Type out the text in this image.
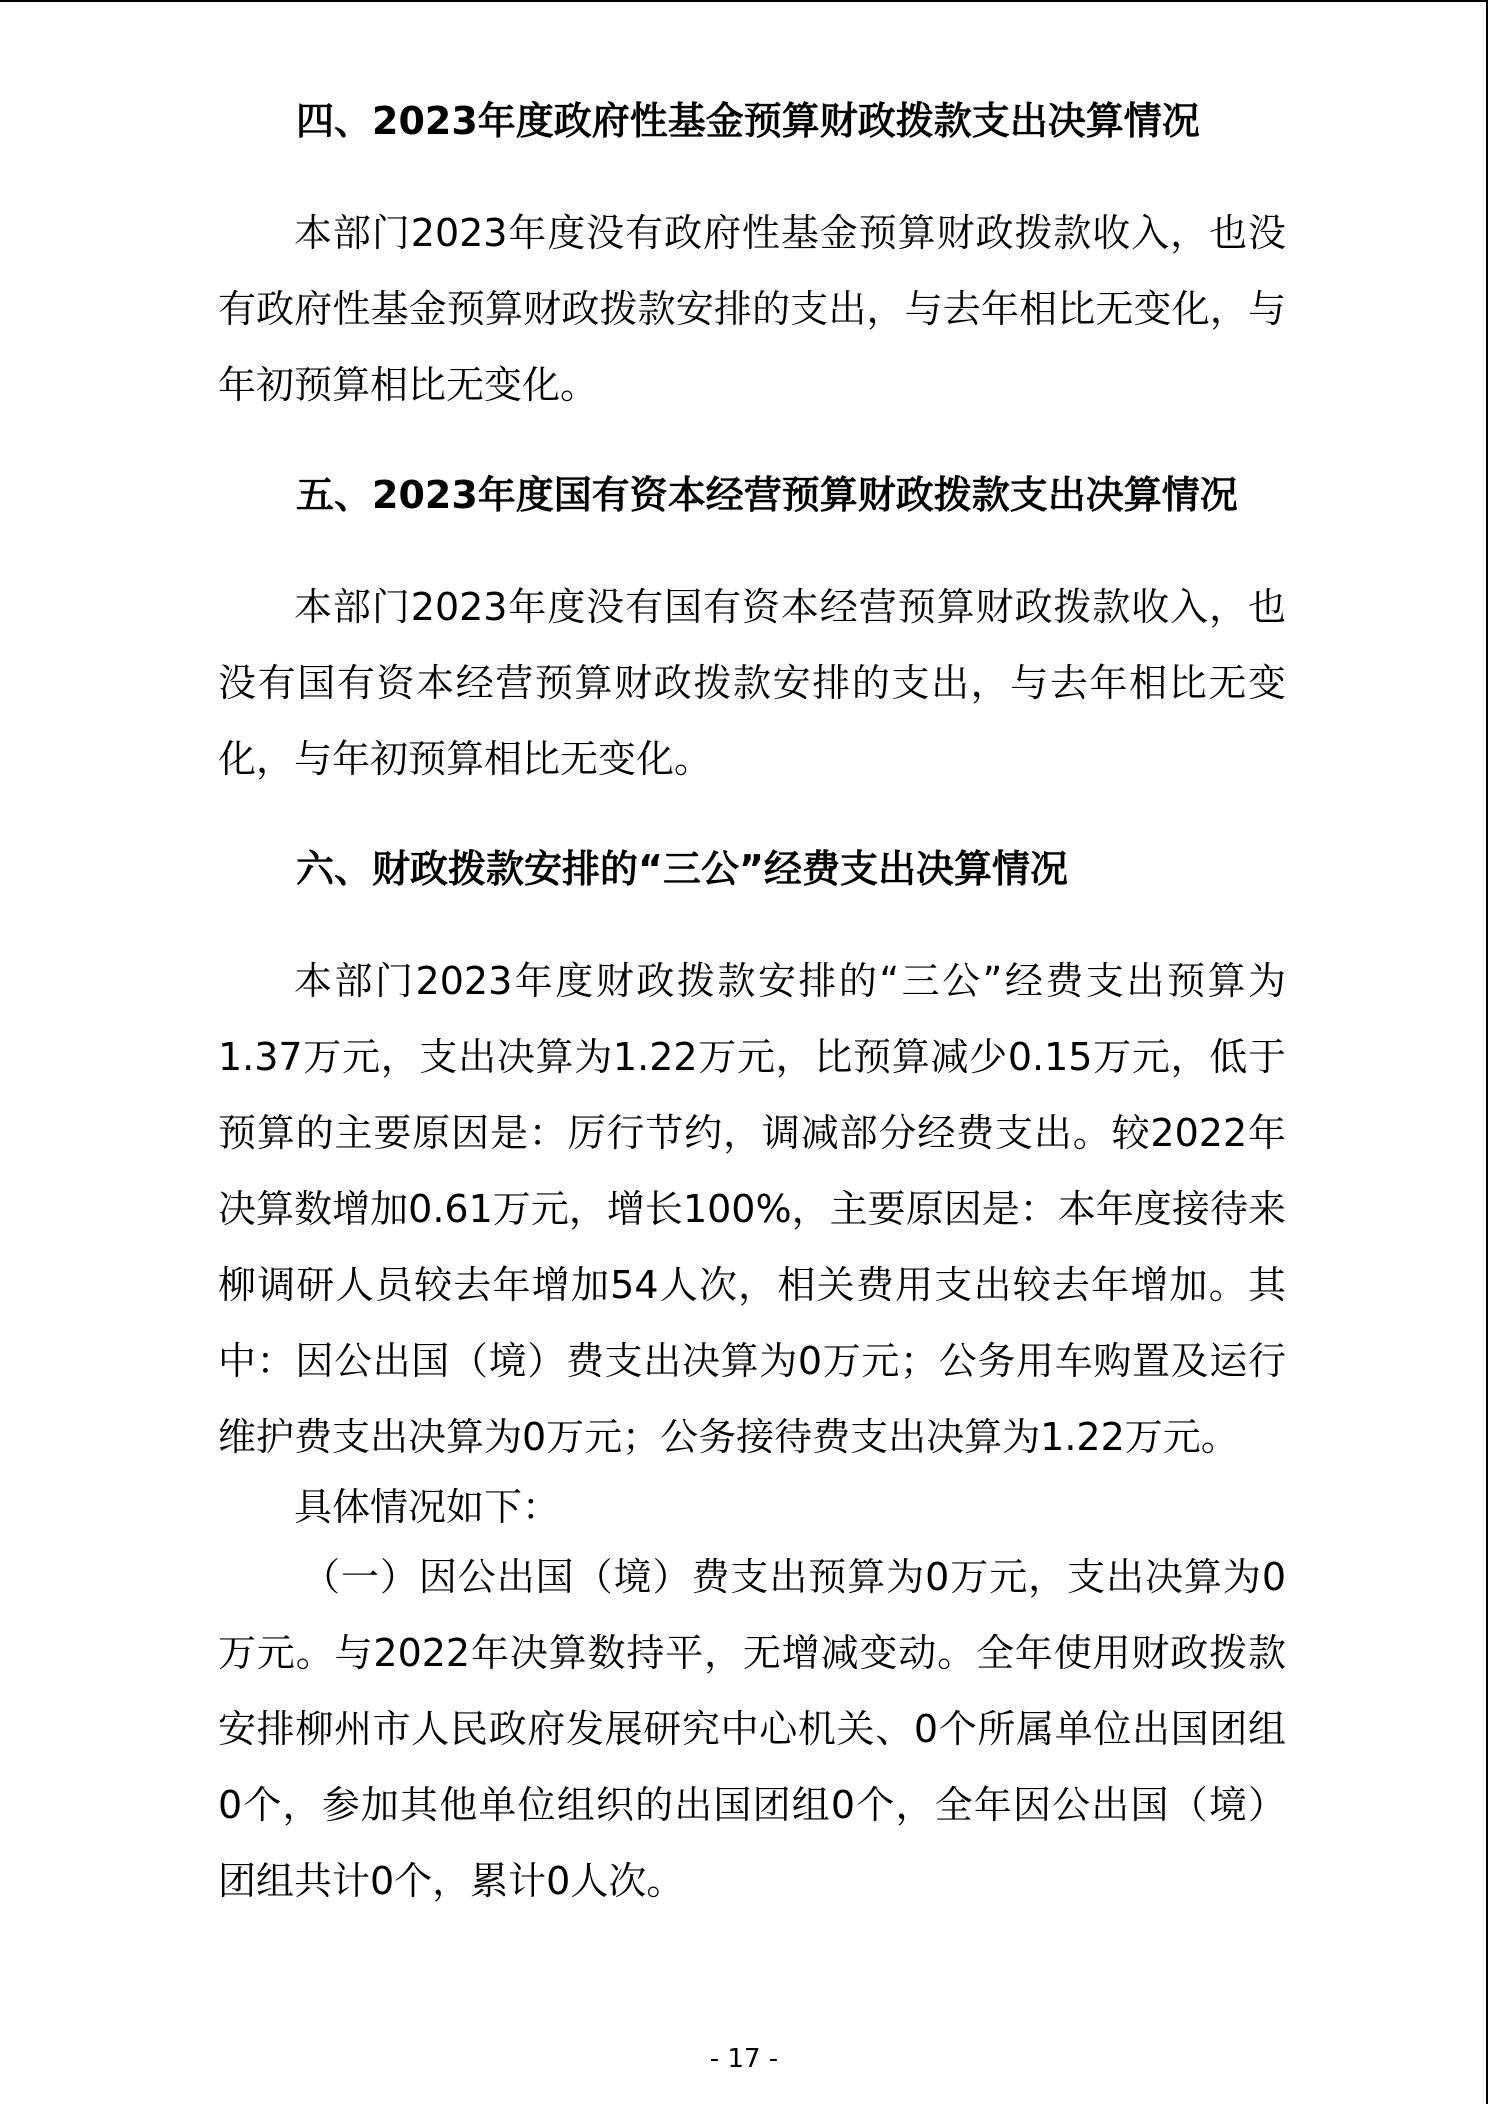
四、2023年度政府性基金预算财政拨款支出决算情况

本部门2023年度没有政府性基金预算财政拨款收入，也没有政府性基金预算财政拨款安排的支出，与去年相比无变化，与年初预算相比无变化。

五、2023年度国有资本经营预算财政拨款支出决算情况

本部门2023年度没有国有资本经营预算财政拨款收入，也没有国有资本经营预算财政拨款安排的支出，与去年相比无变化，与年初预算相比无变化。

六、财政拨款安排的“三公”经费支出决算情况

本部门2023年度财政拨款安排的“三公”经费支出预算为1.37万元，支出决算为1.22万元，比预算减少0.15万元，低于预算的主要原因是：厉行节约，调减部分经费支出。较2022年决算数增加0.61万元，增长100%，主要原因是：本年度接待来柳调研人员较去年增加54人次，相关费用支出较去年增加。其中：因公出国（境）费支出决算为0万元；公务用车购置及运行维护费支出决算为0万元；公务接待费支出决算为1.22万元。

具体情况如下：

（一）因公出国（境）费支出预算为0万元，支出决算为0万元。与2022年决算数持平，无增减变动。全年使用财政拨款安排柳州市人民政府发展研究中心机关、0个所属单位出国团组0个，参加其他单位组织的出国团组0个，全年因公出国（境）团组共计0个，累计0人次。

- 17 -
